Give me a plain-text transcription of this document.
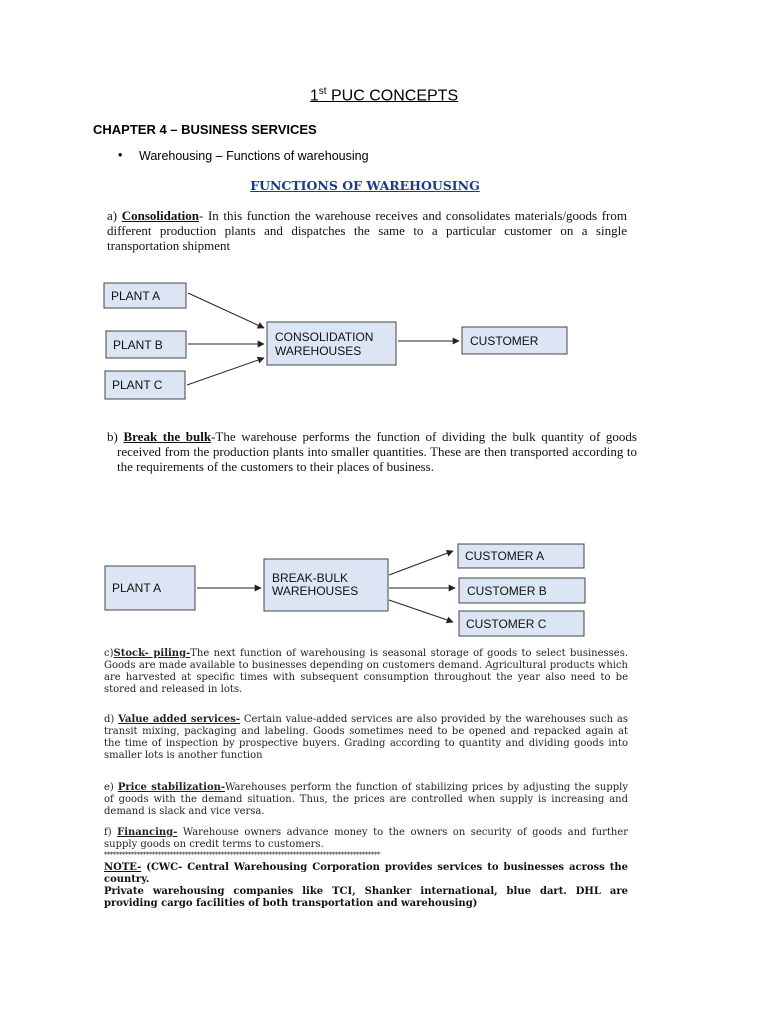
1st PUC CONCEPTS
CHAPTER 4 – BUSINESS SERVICES
• Warehousing – Functions of warehousing
FUNCTIONS OF WAREHOUSING
a) Consolidation- In this function the warehouse receives and consolidates materials/goods from different production plants and dispatches the same to a particular customer on a single transportation shipment
PLANT A
PLANT B
PLANT C
CONSOLIDATION
WAREHOUSES
CUSTOMER
PLANT A
BREAK-BULK
WAREHOUSES
CUSTOMER A
CUSTOMER B
CUSTOMER C
b) Break the bulk-The warehouse performs the function of dividing the bulk quantity of goods received from the production plants into smaller quantities. These are then transported according to the requirements of the customers to their places of business.
c)Stock- piling-The next function of warehousing is seasonal storage of goods to select businesses. Goods are made available to businesses depending on customers demand. Agricultural products which are harvested at specific times with subsequent consumption throughout the year also need to be stored and released in lots.
d) Value added services- Certain value-added services are also provided by the warehouses such as transit mixing, packaging and labeling. Goods sometimes need to be opened and repacked again at the time of inspection by prospective buyers. Grading according to quantity and dividing goods into smaller lots is another function
e) Price stabilization-Warehouses perform the function of stabilizing prices by adjusting the supply of goods with the demand situation. Thus, the prices are controlled when supply is increasing and demand is slack and vice versa.
f) Financing- Warehouse owners advance money to the owners on security of goods and further supply goods on credit terms to customers.
********************************************************************************************
NOTE- (CWC- Central Warehousing Corporation provides services to businesses across the country.
Private warehousing companies like TCI, Shanker international, blue dart. DHL are providing cargo facilities of both transportation and warehousing)
